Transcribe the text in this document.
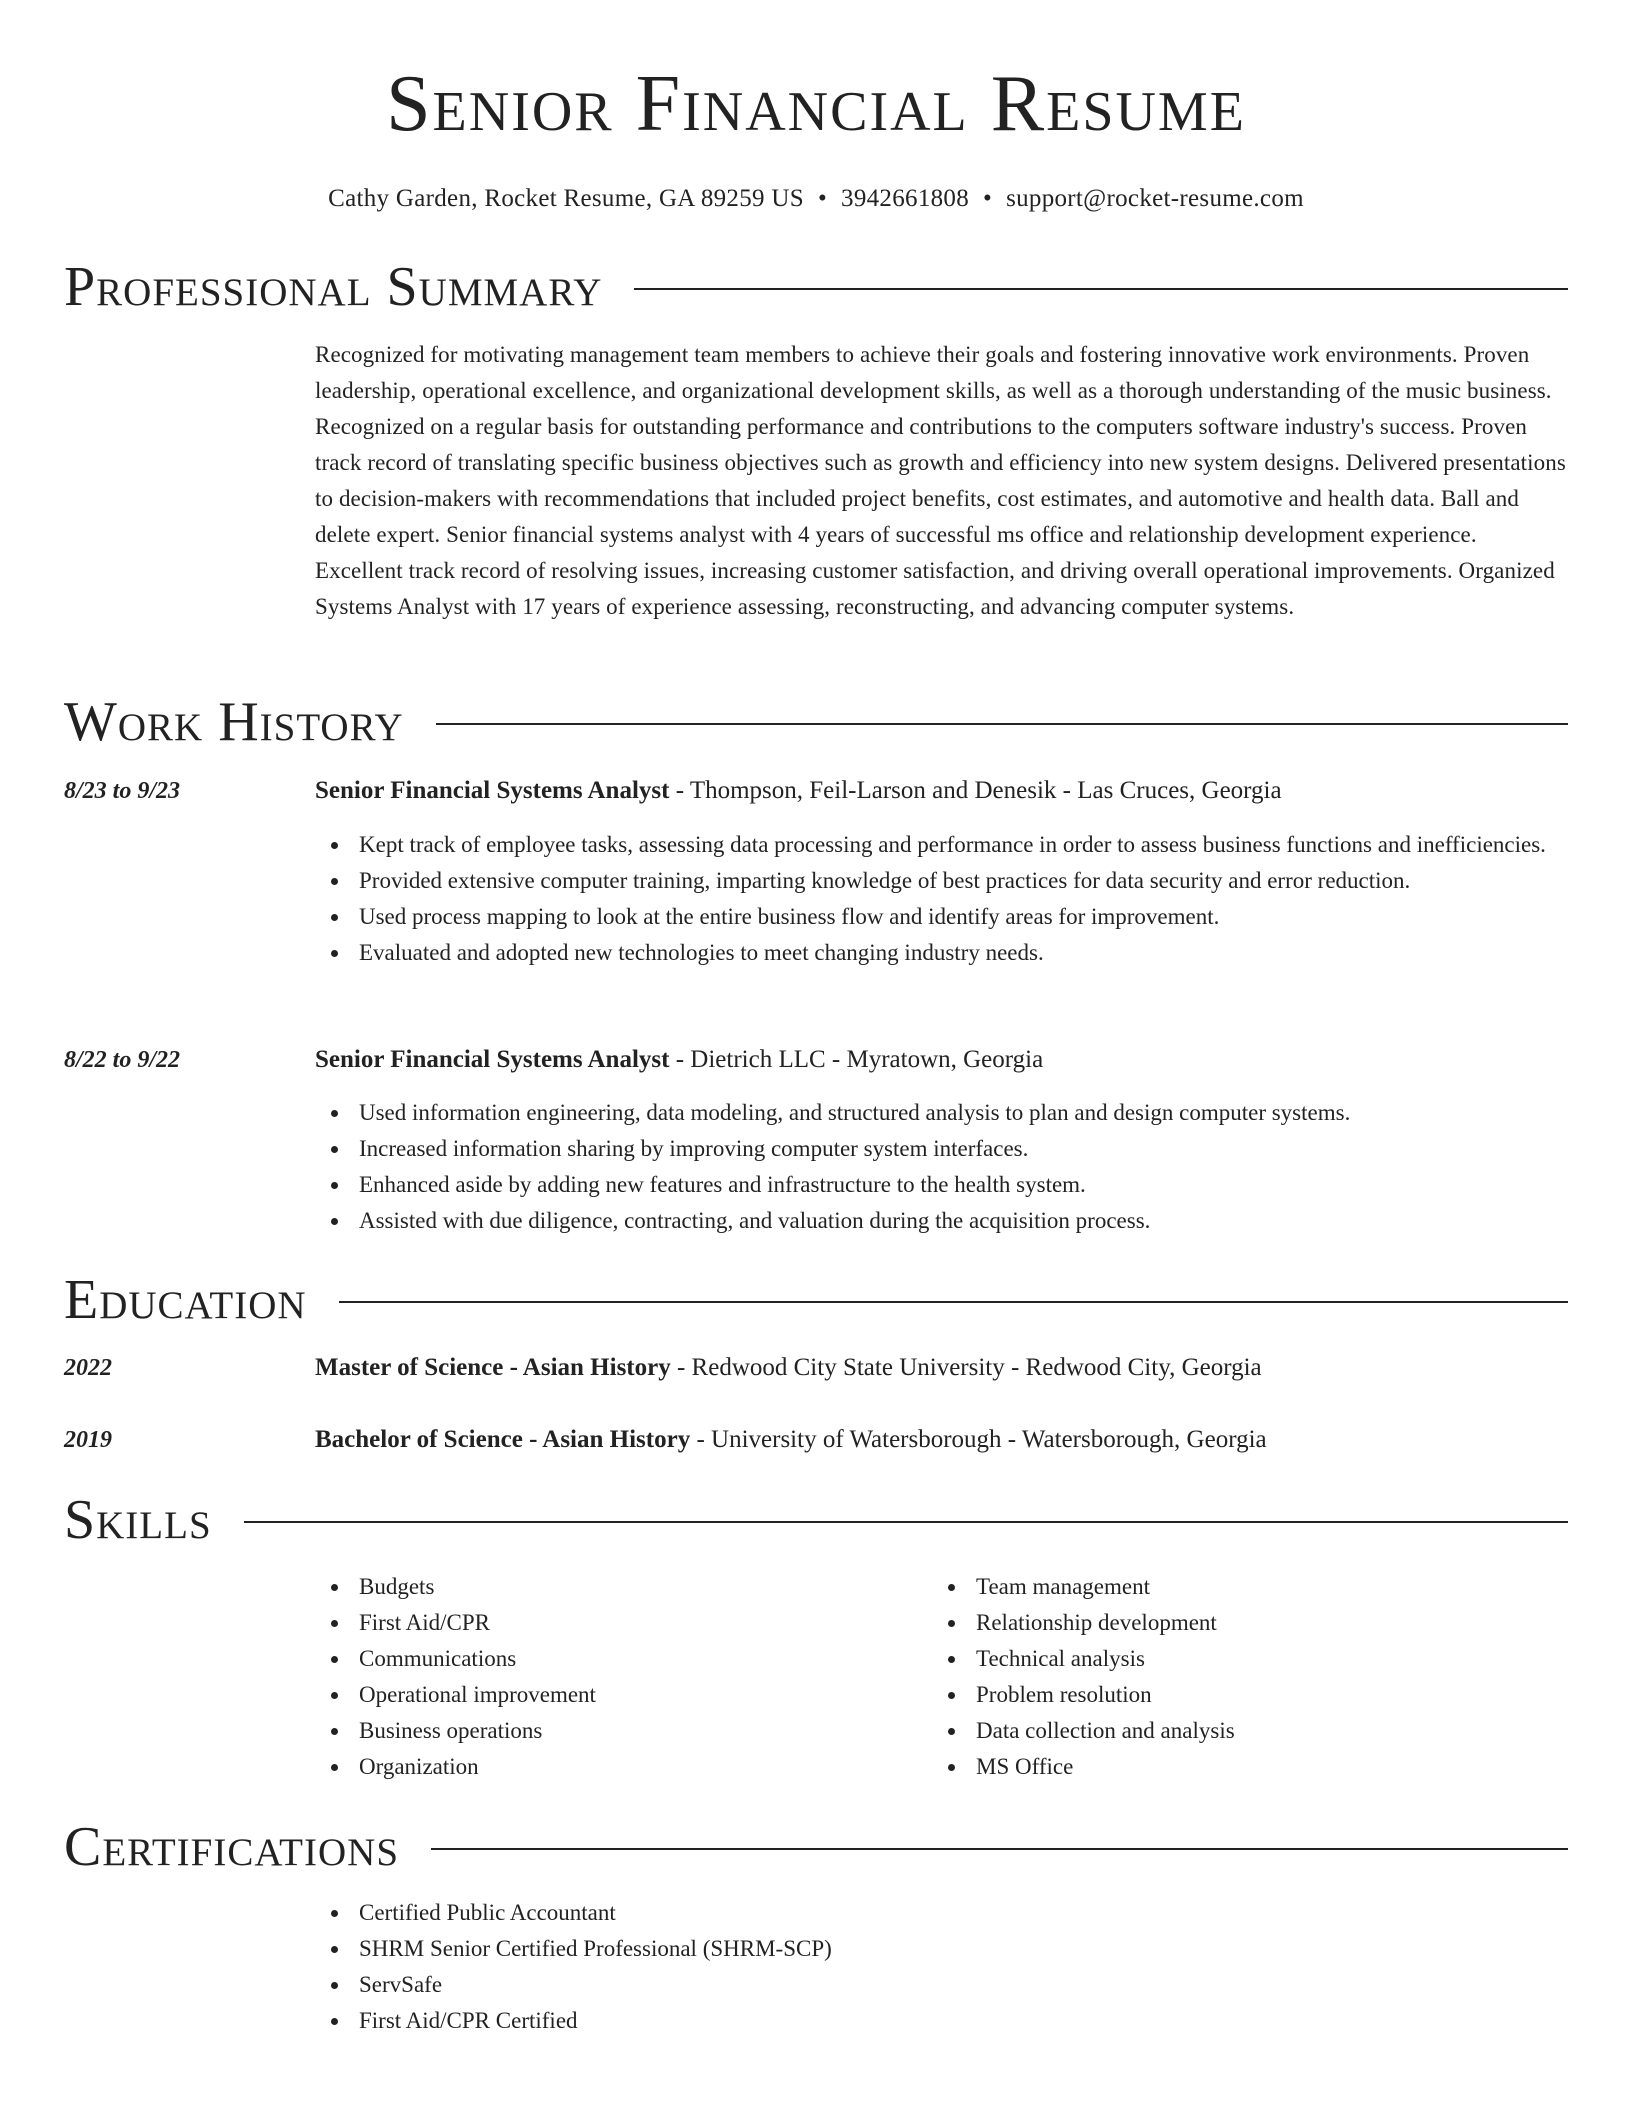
Senior Financial Resume
Cathy Garden, Rocket Resume, GA 89259 US • 3942661808 • support@rocket-resume.com
Professional Summary

Recognized for motivating management team members to achieve their goals and fostering innovative work environments. Proven leadership, operational excellence, and organizational development skills, as well as a thorough understanding of the music business. Recognized on a regular basis for outstanding performance and contributions to the computers software industry's success. Proven track record of translating specific business objectives such as growth and efficiency into new system designs. Delivered presentations to decision-makers with recommendations that included project benefits, cost estimates, and automotive and health data. Ball and delete expert. Senior financial systems analyst with 4 years of successful ms office and relationship development experience. Excellent track record of resolving issues, increasing customer satisfaction, and driving overall operational improvements. Organized Systems Analyst with 17 years of experience assessing, reconstructing, and advancing computer systems.

Work History
8/23 to 9/23	Senior Financial Systems Analyst - Thompson, Feil-Larson and Denesik - Las Cruces, Georgia
Kept track of employee tasks, assessing data processing and performance in order to assess business functions and inefficiencies.
Provided extensive computer training, imparting knowledge of best practices for data security and error reduction.
Used process mapping to look at the entire business flow and identify areas for improvement.
Evaluated and adopted new technologies to meet changing industry needs.
8/22 to 9/22	Senior Financial Systems Analyst - Dietrich LLC - Myratown, Georgia
Used information engineering, data modeling, and structured analysis to plan and design computer systems.
Increased information sharing by improving computer system interfaces.
Enhanced aside by adding new features and infrastructure to the health system.
Assisted with due diligence, contracting, and valuation during the acquisition process.
Education
2022	Master of Science - Asian History - Redwood City State University - Redwood City, Georgia
2019	Bachelor of Science - Asian History - University of Watersborough - Watersborough, Georgia
Skills
Budgets
First Aid/CPR
Communications
Operational improvement
Business operations
Organization
Team management
Relationship development
Technical analysis
Problem resolution
Data collection and analysis
MS Office
Certifications
Certified Public Accountant
SHRM Senior Certified Professional (SHRM-SCP)
ServSafe
First Aid/CPR Certified
